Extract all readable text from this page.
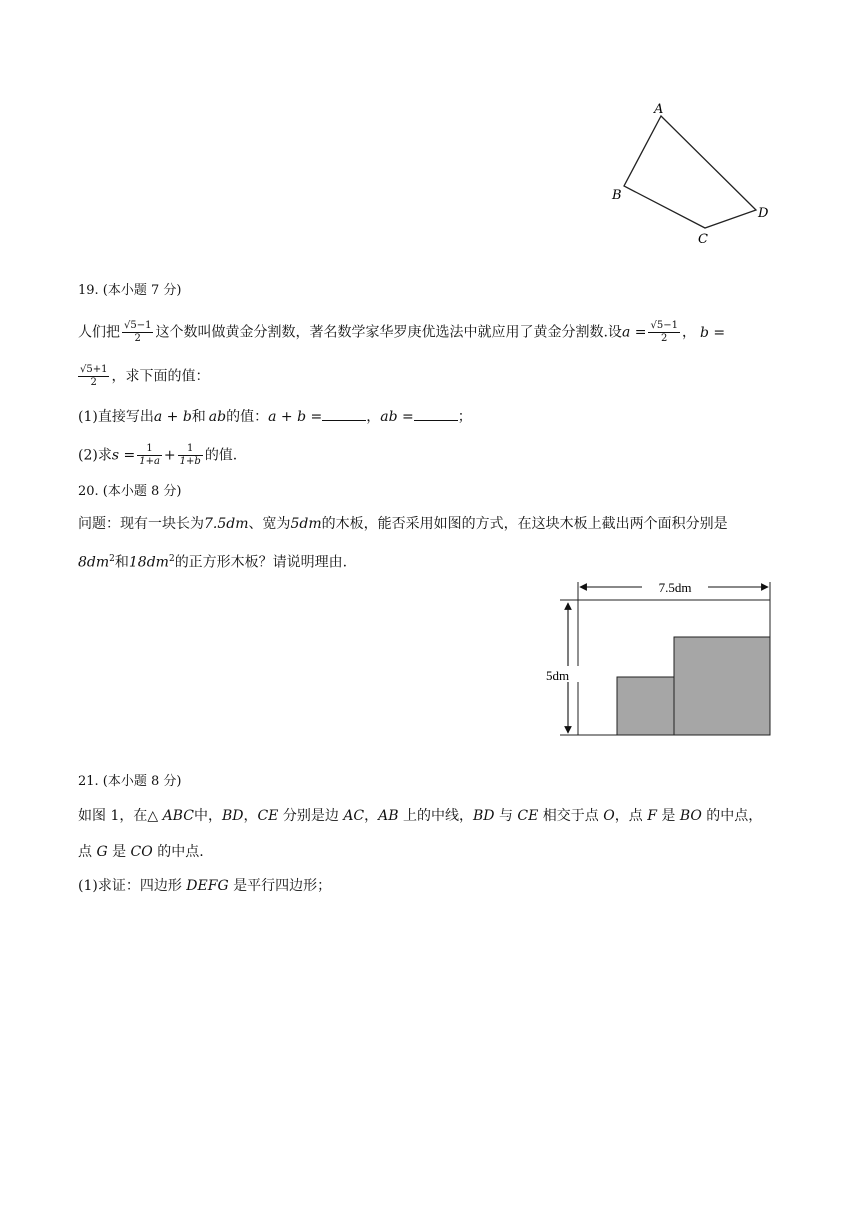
A
B
C
D
19. (本小题 7 分)
人们把 $\frac{√5-1}{2}$ 这个数叫做黄金分割数，著名数学家华罗庚优选法中就应用了黄金分割数.设$a = \frac{√5-1}{2}$ ， b =
$\frac{√5+1}{2}$ ，求下面的值：
(1)直接写出a + b和 ab的值：a + b =	，ab =	；
(2)求$s = \frac{1}{1+a} + \frac{1}{1+b}$ 的值.
20. (本小题 8 分)
问题：现有一块长为7.5dm、宽为5dm的木板，能否采用如图的方式，在这块木板上截出两个面积分别是
$8dm^2$和$18dm^2$的正方形木板？请说明理由.
7.5dm
5dm
21. (本小题 8 分)
如图 1，在△ ABC中，BD，CE 分别是边 AC，AB 上的中线，BD 与 CE 相交于点 O，点 F 是 BO 的中点，
点 G 是 CO 的中点.
(1)求证：四边形 DEFG 是平行四边形；
